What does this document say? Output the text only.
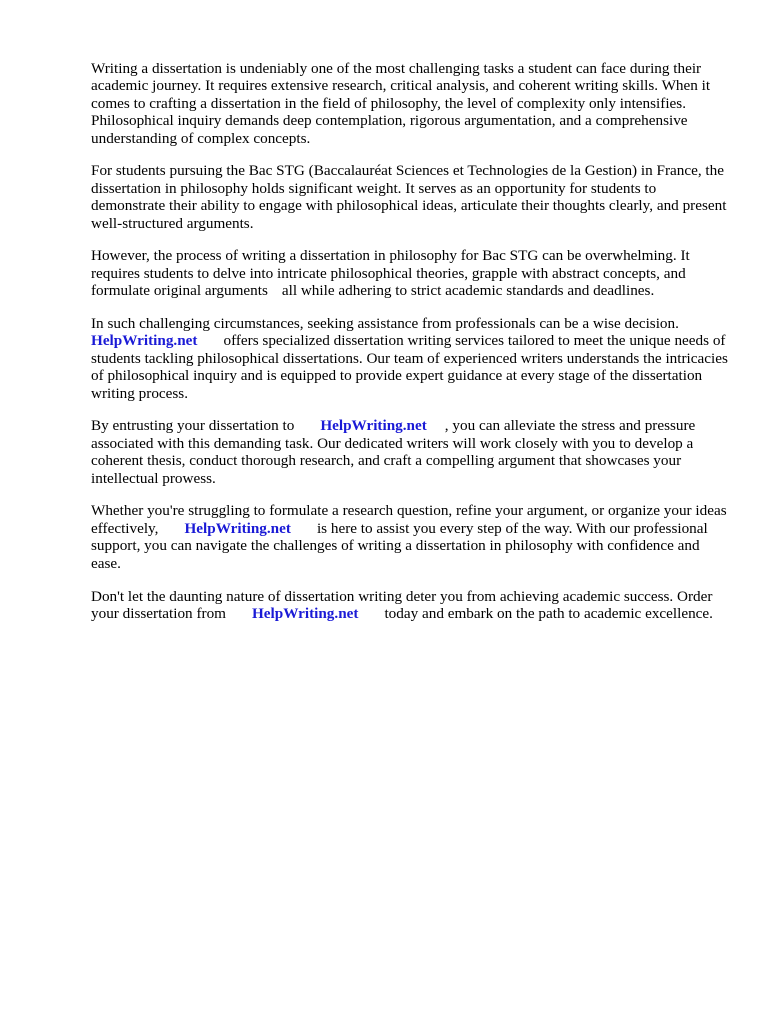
Writing a dissertation is undeniably one of the most challenging tasks a student can face during their academic journey. It requires extensive research, critical analysis, and coherent writing skills. When it comes to crafting a dissertation in the field of philosophy, the level of complexity only intensifies. Philosophical inquiry demands deep contemplation, rigorous argumentation, and a comprehensive understanding of complex concepts.

For students pursuing the Bac STG (Baccalauréat Sciences et Technologies de la Gestion) in France, the dissertation in philosophy holds significant weight. It serves as an opportunity for students to demonstrate their ability to engage with philosophical ideas, articulate their thoughts clearly, and present well-structured arguments.

However, the process of writing a dissertation in philosophy for Bac STG can be overwhelming. It requires students to delve into intricate philosophical theories, grapple with abstract concepts, and formulate original arguments all while adhering to strict academic standards and deadlines.

In such challenging circumstances, seeking assistance from professionals can be a wise decision. HelpWriting.net offers specialized dissertation writing services tailored to meet the unique needs of students tackling philosophical dissertations. Our team of experienced writers understands the intricacies of philosophical inquiry and is equipped to provide expert guidance at every stage of the dissertation writing process.

By entrusting your dissertation to HelpWriting.net , you can alleviate the stress and pressure associated with this demanding task. Our dedicated writers will work closely with you to develop a coherent thesis, conduct thorough research, and craft a compelling argument that showcases your intellectual prowess.

Whether you're struggling to formulate a research question, refine your argument, or organize your ideas effectively, HelpWriting.net is here to assist you every step of the way. With our professional support, you can navigate the challenges of writing a dissertation in philosophy with confidence and ease.

Don't let the daunting nature of dissertation writing deter you from achieving academic success. Order your dissertation from HelpWriting.net today and embark on the path to academic excellence.
